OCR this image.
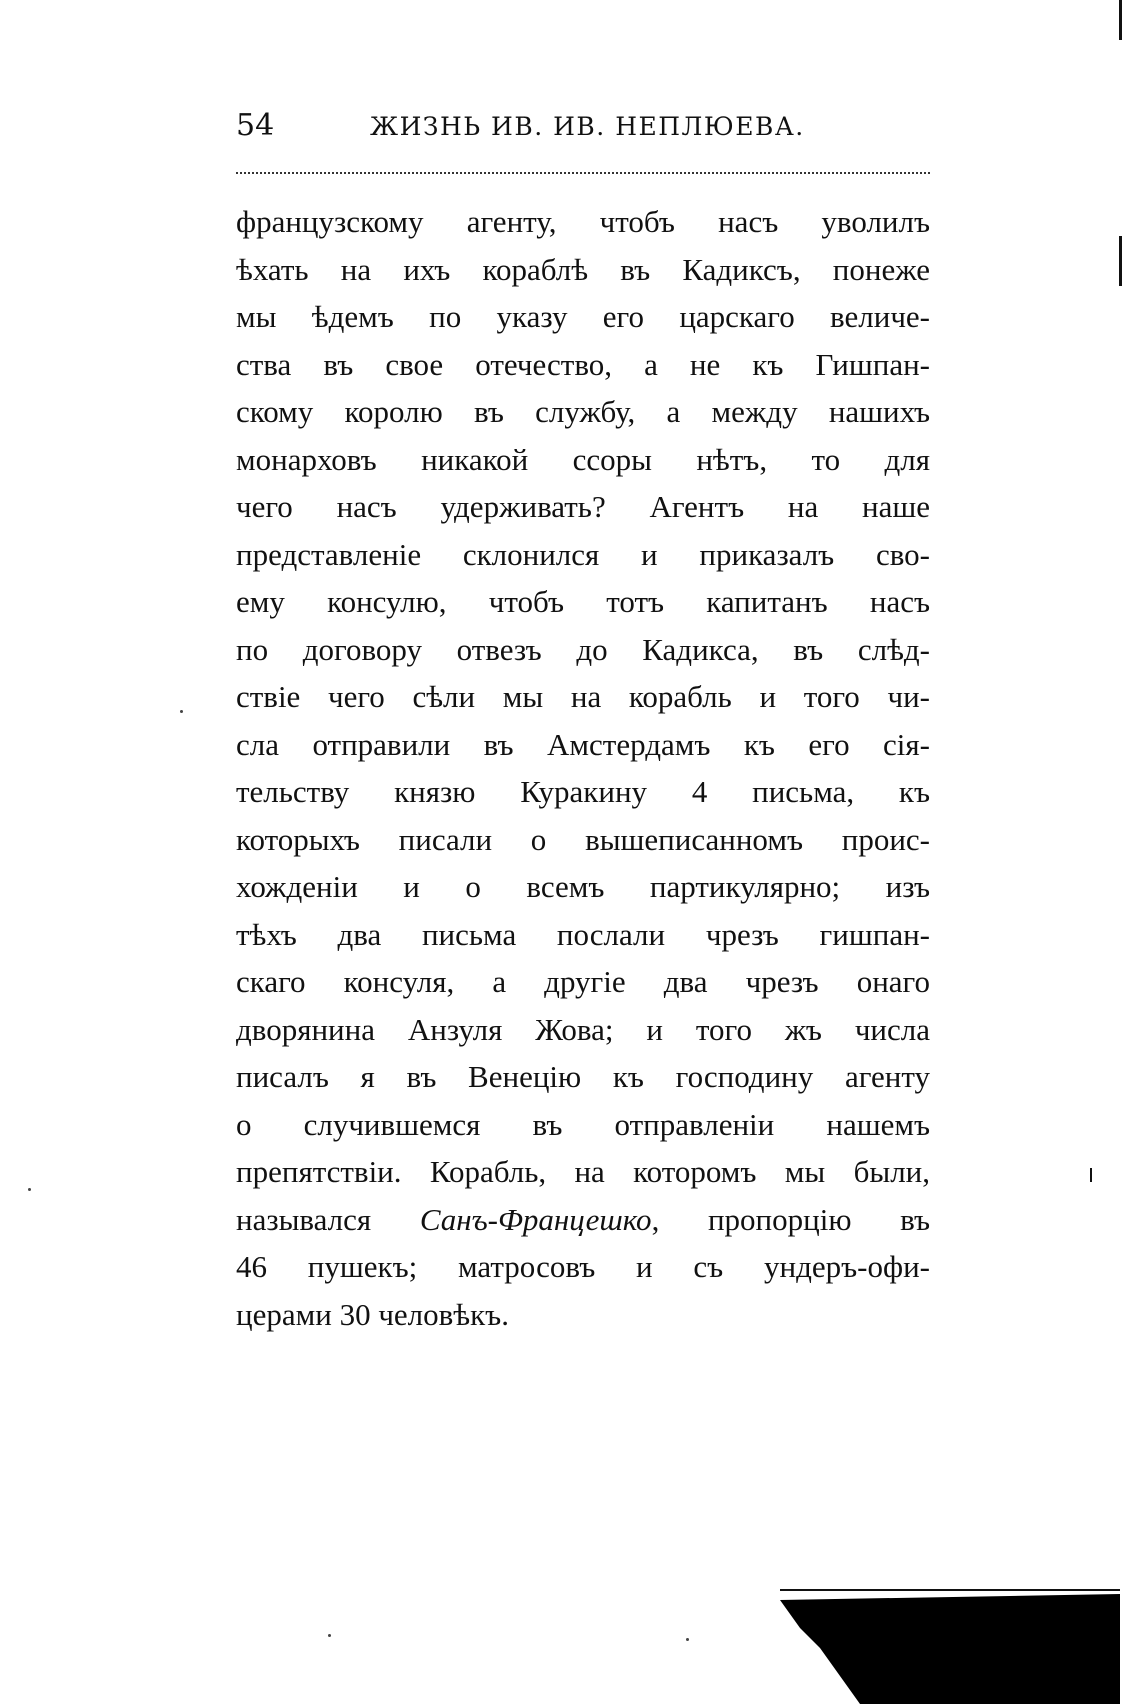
54	ЖИЗНЬ ИВ. ИВ. НЕПЛЮЕВА.
французскому агенту, чтобъ насъ уволилъ
ѣхать на ихъ кораблѣ въ Кадиксъ, понеже
мы ѣдемъ по указу его царскаго величе-
ства въ свое отечество, а не къ Гишпан-
скому королю въ службу, а между нашихъ
монарховъ никакой ссоры нѣтъ, то для
чего насъ удерживать? Агентъ на наше
представленіе склонился и приказалъ сво-
ему консулю, чтобъ тотъ капитанъ насъ
по договору отвезъ до Кадикса, въ слѣд-
ствіе чего сѣли мы на корабль и того чи-
сла отправили въ Амстердамъ къ его сія-
тельству князю Куракину 4 письма, къ
которыхъ писали о вышеписанномъ проис-
хожденіи и о всемъ партикулярно; изъ
тѣхъ два письма послали чрезъ гишпан-
скаго консуля, а другіе два чрезъ онаго
дворянина Анзуля Жова; и того жъ числа
писалъ я въ Венецію къ господину агенту
о случившемся въ отправленіи нашемъ
препятствіи. Корабль, на которомъ мы были,
назывался Санъ-Францешко, пропорцію въ
46 пушекъ; матросовъ и съ ундеръ-офи-
церами 30 человѣкъ.
